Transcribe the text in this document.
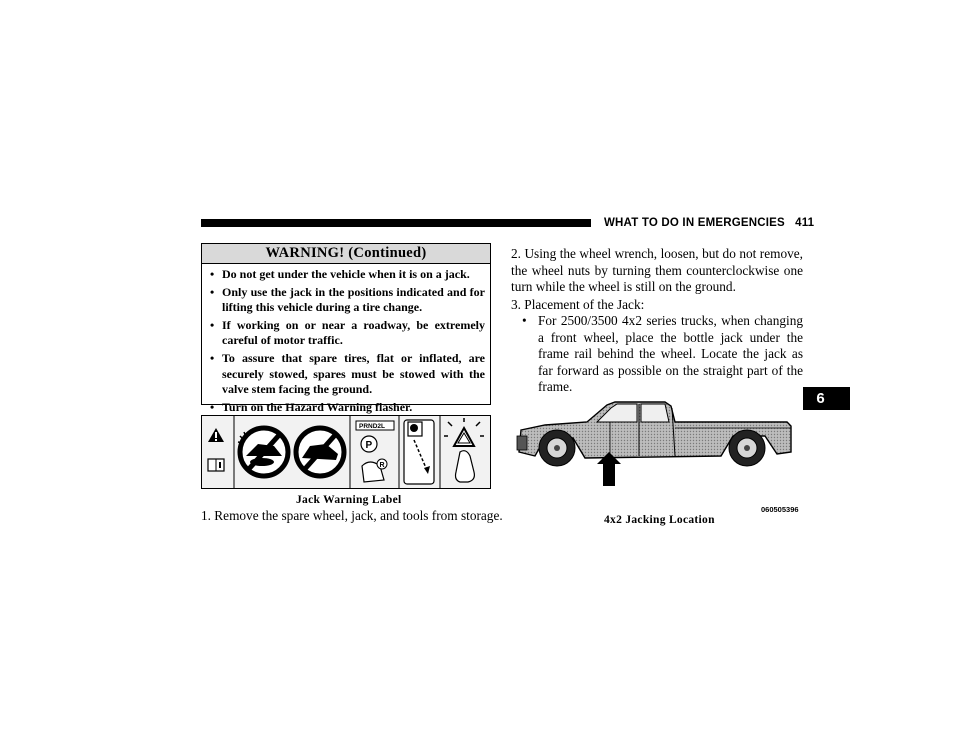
WHAT TO DO IN EMERGENCIES   411
WARNING! (Continued)
• Do not get under the vehicle when it is on a jack.
• Only use the jack in the positions indicated and for lifting this vehicle during a tire change.
• If working on or near a roadway, be extremely careful of motor traffic.
• To assure that spare tires, flat or inflated, are securely stowed, spares must be stowed with the valve stem facing the ground.
• Turn on the Hazard Warning flasher.
PRND2L
P
R
Jack Warning Label
1. Remove the spare wheel, jack, and tools from storage.
2. Using the wheel wrench, loosen, but do not remove, the wheel nuts by turning them counterclockwise one turn while the wheel is still on the ground.
3. Placement of the Jack:
• For 2500/3500 4x2 series trucks, when changing a front wheel, place the bottle jack under the frame rail behind the wheel. Locate the jack as far forward as possible on the straight part of the frame.
060505396
4x2 Jacking Location
6
